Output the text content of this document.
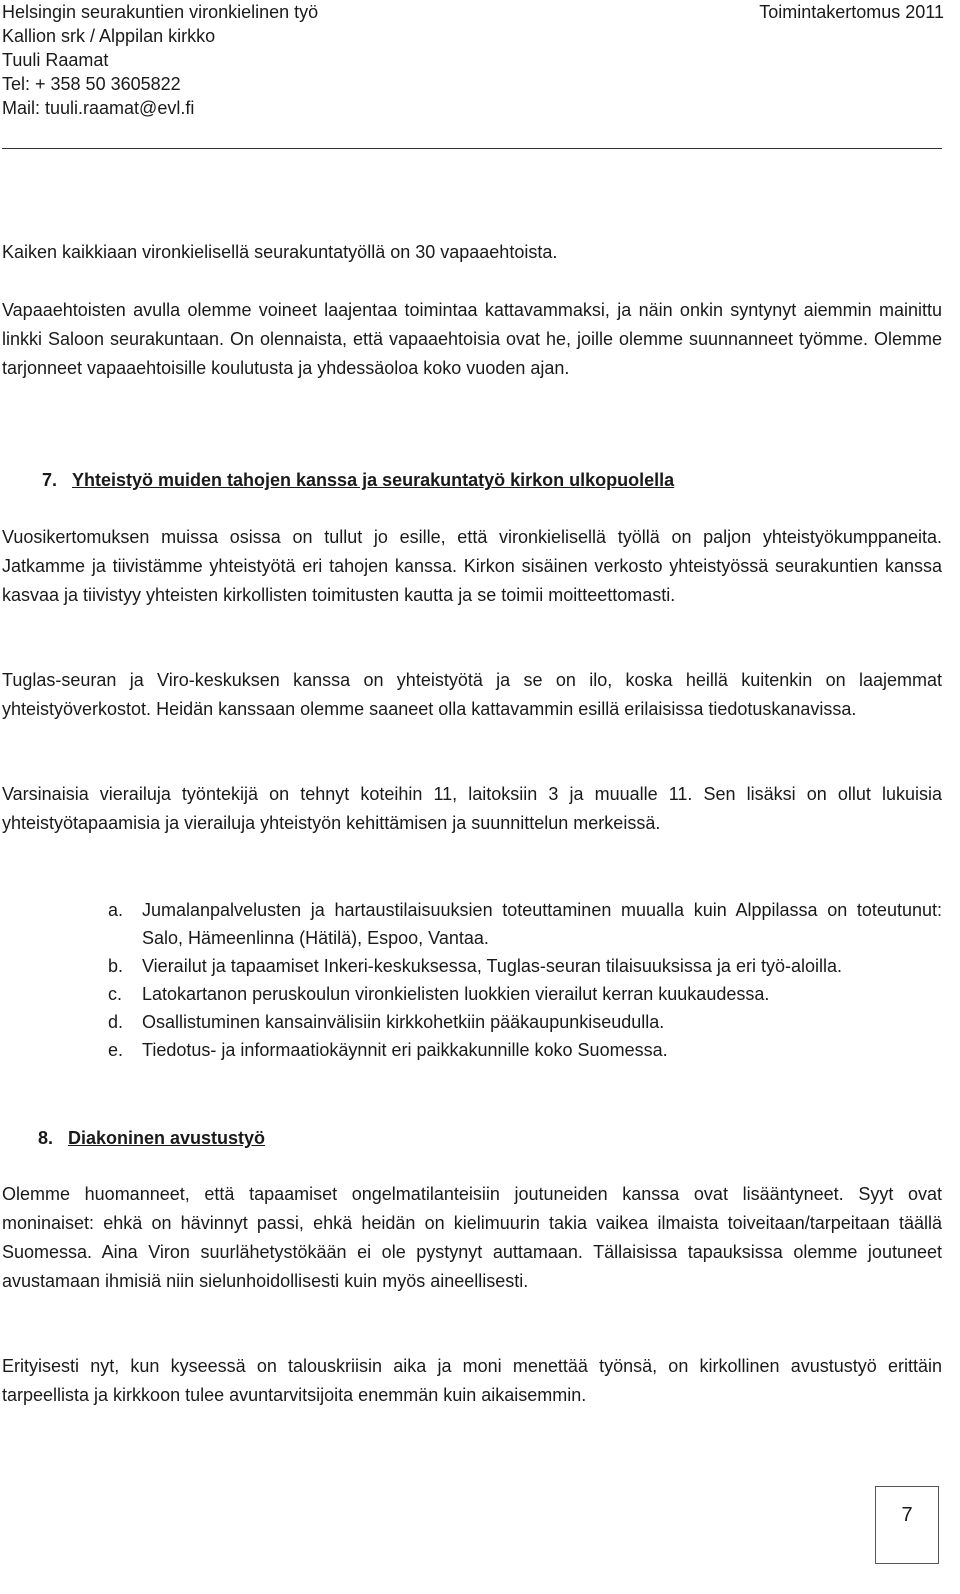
Helsingin seurakuntien vironkielinen työ
Kallion srk / Alppilan kirkko
Tuuli Raamat
Tel: + 358 50 3605822
Mail: tuuli.raamat@evl.fi
Toimintakertomus 2011

Kaiken kaikkiaan vironkielisellä seurakuntatyöllä on 30 vapaaehtoista.

Vapaaehtoisten avulla olemme voineet laajentaa toimintaa kattavammaksi, ja näin onkin syntynyt aiemmin mainittu linkki Saloon seurakuntaan. On olennaista, että vapaaehtoisia ovat he, joille olemme suunnanneet työmme. Olemme tarjonneet vapaaehtoisille koulutusta ja yhdessäoloa koko vuoden ajan.

7. Yhteistyö muiden tahojen kanssa ja seurakuntatyö kirkon ulkopuolella

Vuosikertomuksen muissa osissa on tullut jo esille, että vironkielisellä työllä on paljon yhteistyökumppaneita. Jatkamme ja tiivistämme yhteistyötä eri tahojen kanssa. Kirkon sisäinen verkosto yhteistyössä seurakuntien kanssa kasvaa ja tiivistyy yhteisten kirkollisten toimitusten kautta ja se toimii moitteettomasti.

Tuglas-seuran ja Viro-keskuksen kanssa on yhteistyötä ja se on ilo, koska heillä kuitenkin on laajemmat yhteistyöverkostot. Heidän kanssaan olemme saaneet olla kattavammin esillä erilaisissa tiedotuskanavissa.

Varsinaisia vierailuja työntekijä on tehnyt koteihin 11, laitoksiin 3 ja muualle 11. Sen lisäksi on ollut lukuisia yhteistyötapaamisia ja vierailuja yhteistyön kehittämisen ja suunnittelun merkeissä.

a. Jumalanpalvelusten ja hartaustilaisuuksien toteuttaminen muualla kuin Alppilassa on toteutunut: Salo, Hämeenlinna (Hätilä), Espoo, Vantaa.
b. Vierailut ja tapaamiset Inkeri-keskuksessa, Tuglas-seuran tilaisuuksissa ja eri työ-aloilla.
c. Latokartanon peruskoulun vironkielisten luokkien vierailut kerran kuukaudessa.
d. Osallistuminen kansainvälisiin kirkkohetkiin pääkaupunkiseudulla.
e. Tiedotus- ja informaatiokäynnit eri paikkakunnille koko Suomessa.
8. Diakoninen avustustyö

Olemme huomanneet, että tapaamiset ongelmatilanteisiin joutuneiden kanssa ovat lisääntyneet. Syyt ovat moninaiset: ehkä on hävinnyt passi, ehkä heidän on kielimuurin takia vaikea ilmaista toiveitaan/tarpeitaan täällä Suomessa. Aina Viron suurlähetystökään ei ole pystynyt auttamaan. Tällaisissa tapauksissa olemme joutuneet avustamaan ihmisiä niin sielunhoidollisesti kuin myös aineellisesti.

Erityisesti nyt, kun kyseessä on talouskriisin aika ja moni menettää työnsä, on kirkollinen avustustyö erittäin tarpeellista ja kirkkoon tulee avuntarvitsijoita enemmän kuin aikaisemmin.

7
